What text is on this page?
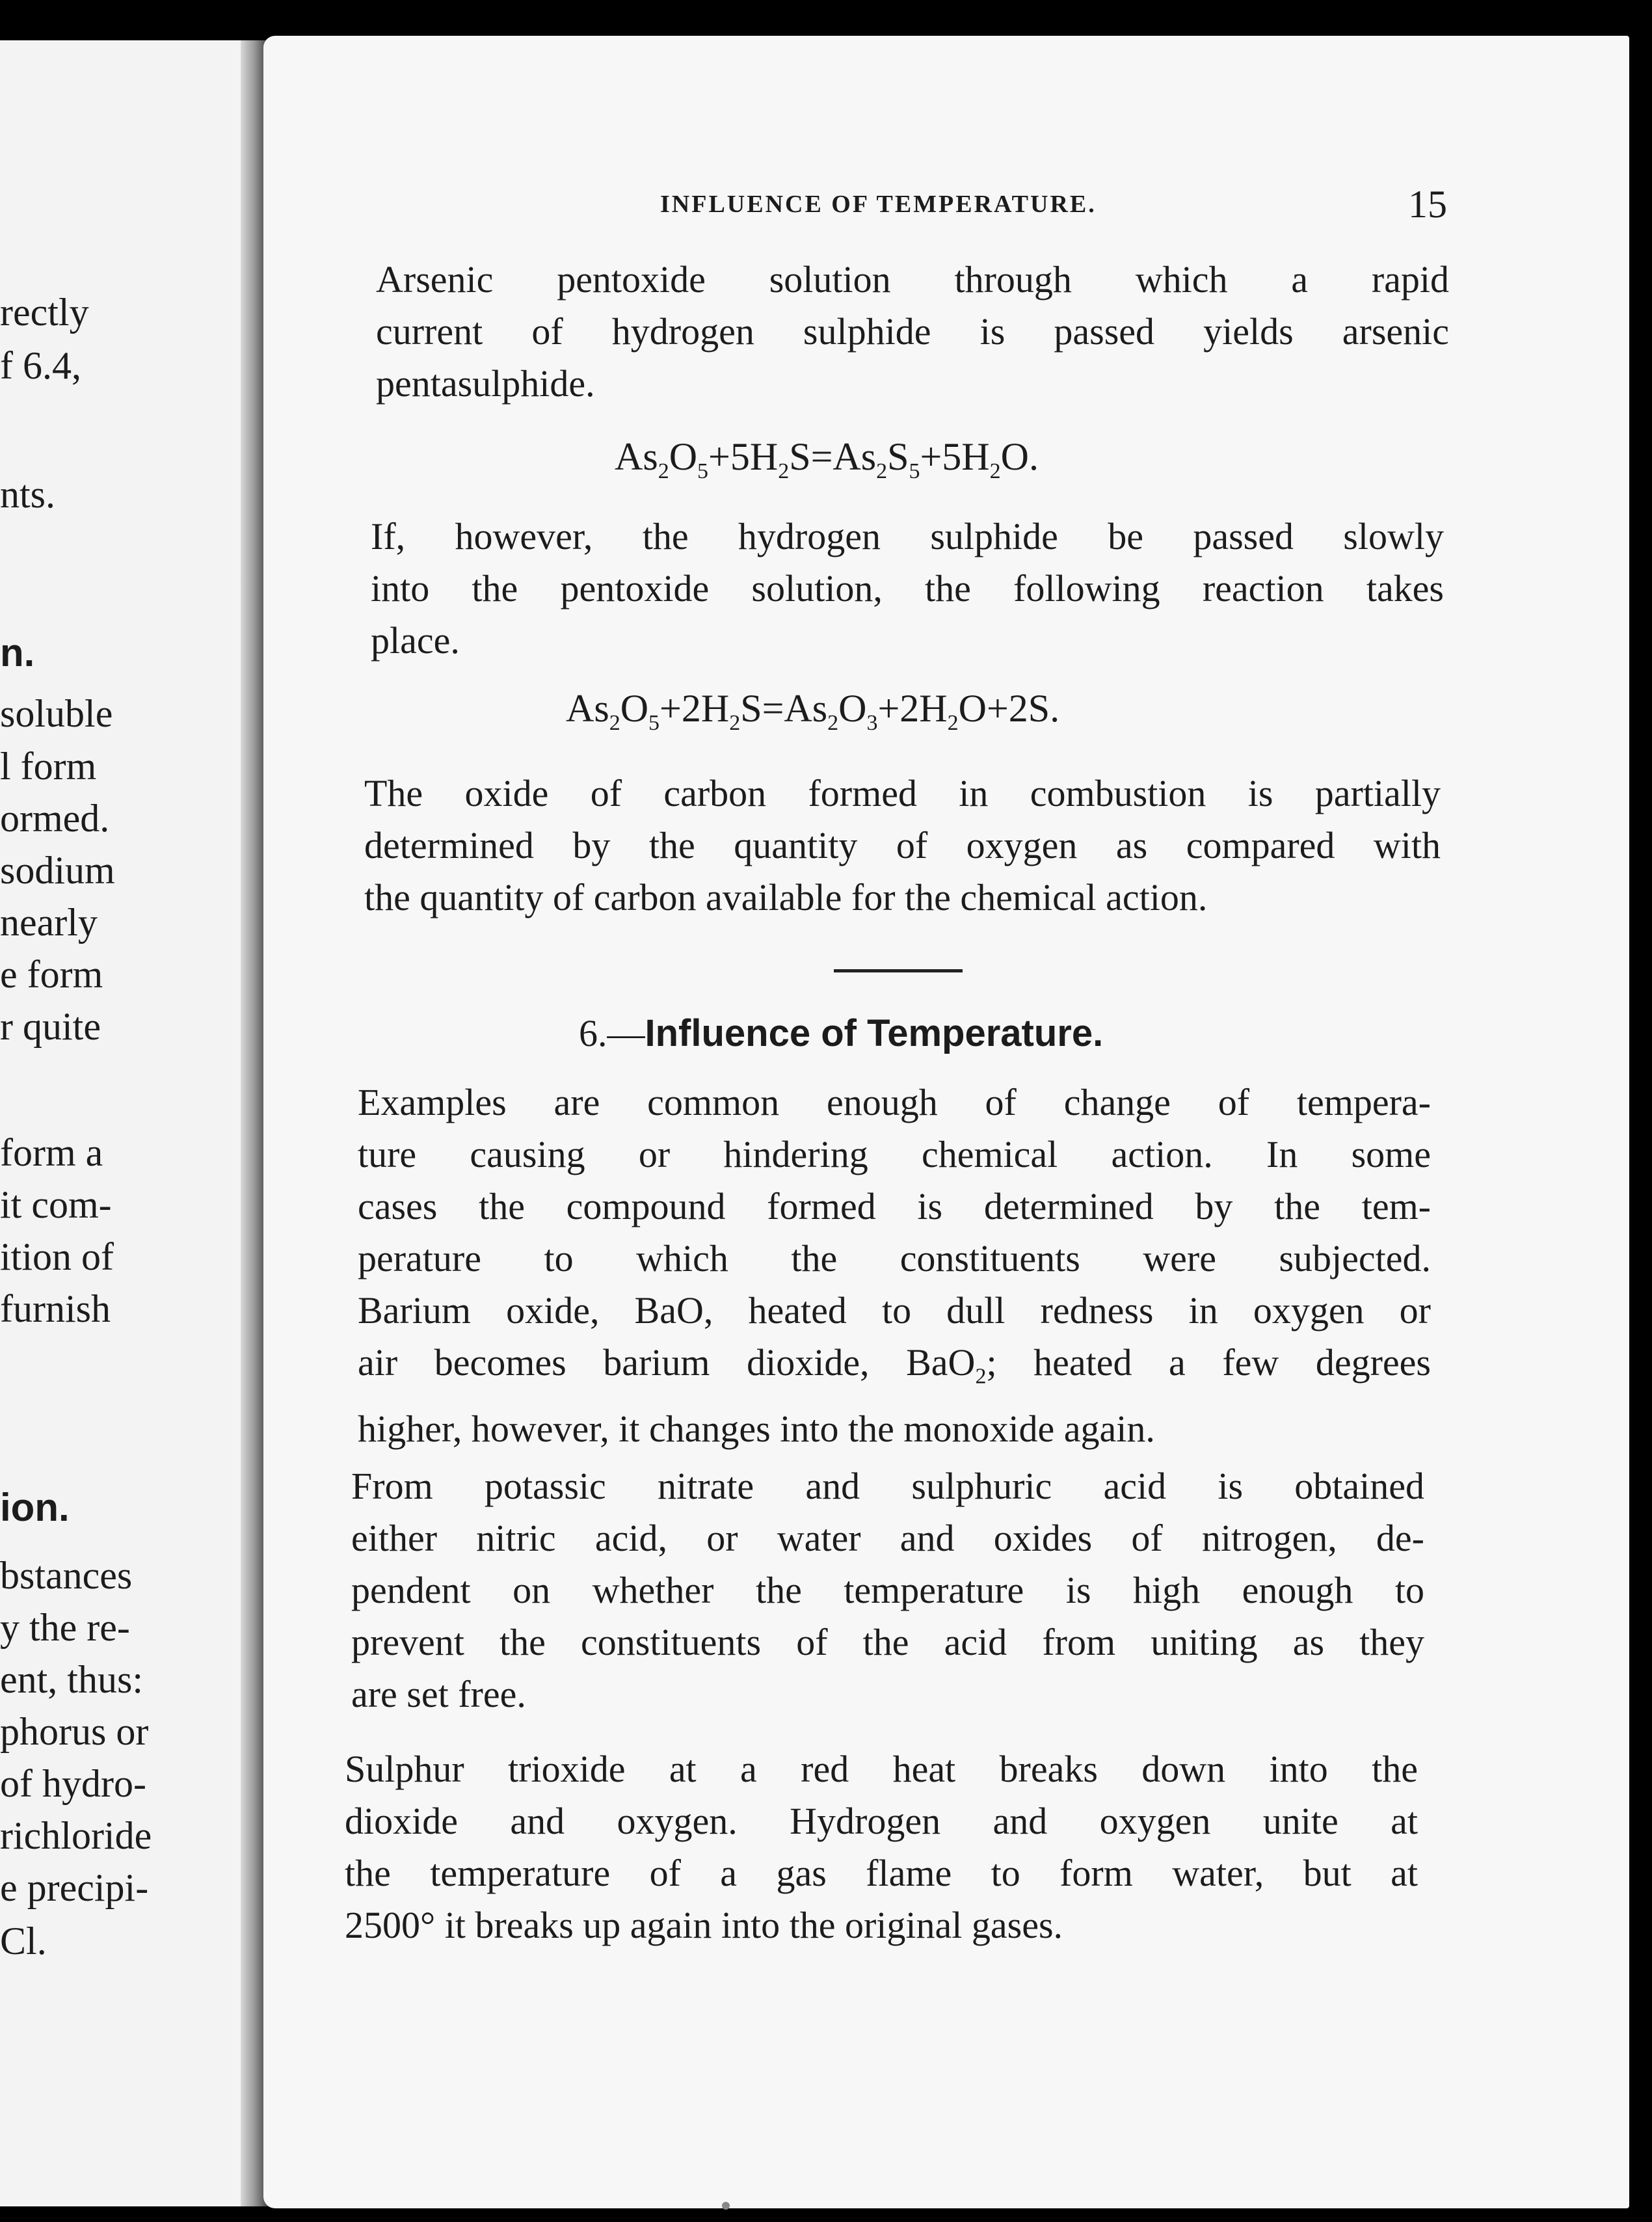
rectly
f 6.4,
nts.
n.
soluble
l form
ormed.
sodium
nearly
e form
r quite
form a
it com-
ition of
furnish
ion.
bstances
y the re-
ent, thus:
phorus or
of hydro-
richloride
e precipi-
Cl.
INFLUENCE OF TEMPERATURE.	15
Arsenic pentoxide solution through which a rapid
current of hydrogen sulphide is passed yields arsenic
pentasulphide.
$As_2O_5+5H_2S=As_2S_5+5H_2O$.
If, however, the hydrogen sulphide be passed slowly
into the pentoxide solution, the following reaction takes
place.
$As_2O_5+2H_2S=As_2O_3+2H_2O+2S$.
The oxide of carbon formed in combustion is partially
determined by the quantity of oxygen as compared with
the quantity of carbon available for the chemical action.
6.—Influence of Temperature.
Examples are common enough of change of tempera-
ture causing or hindering chemical action. In some
cases the compound formed is determined by the tem-
perature to which the constituents were subjected.
Barium oxide, BaO, heated to dull redness in oxygen or
air becomes barium dioxide, BaO$_2$; heated a few degrees
higher, however, it changes into the monoxide again.
From potassic nitrate and sulphuric acid is obtained
either nitric acid, or water and oxides of nitrogen, de-
pendent on whether the temperature is high enough to
prevent the constituents of the acid from uniting as they
are set free.
Sulphur trioxide at a red heat breaks down into the
dioxide and oxygen. Hydrogen and oxygen unite at
the temperature of a gas flame to form water, but at
2500° it breaks up again into the original gases.
